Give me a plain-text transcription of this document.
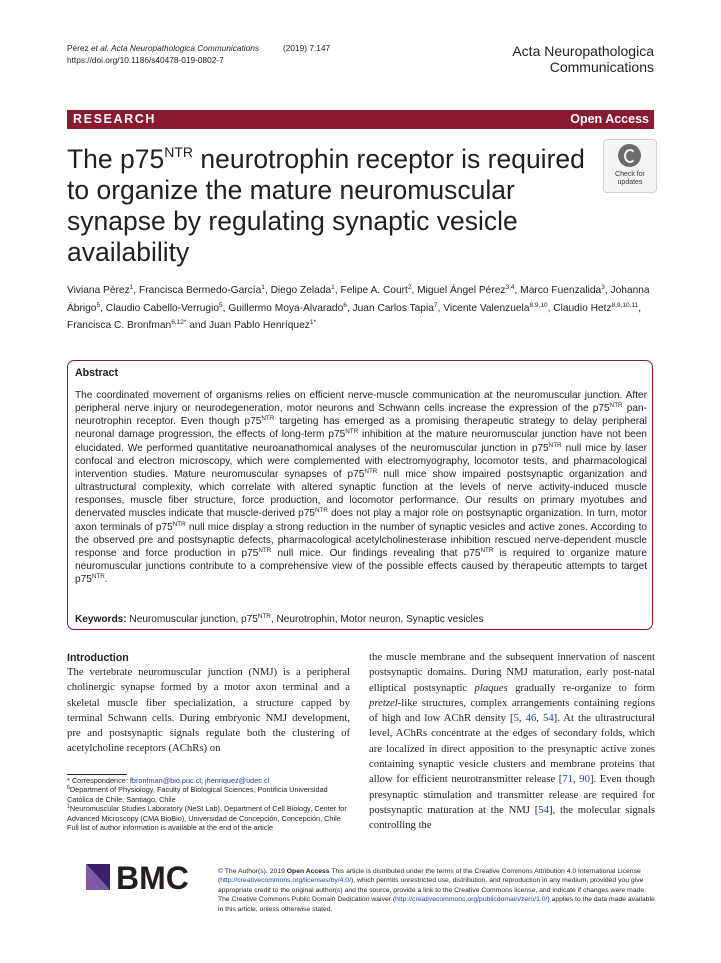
Pérez et al. Acta Neuropathologica Communications	(2019) 7:147
https://doi.org/10.1186/s40478-019-0802-7
Acta Neuropathologica
Communications
RESEARCH	Open Access
The $p75^{NTR}$ neurotrophin receptor is required to organize the mature neuromuscular synapse by regulating synaptic vesicle availability
Check for
updates
Viviana Pérez$^1$, Francisca Bermedo-García$^1$, Diego Zelada$^1$, Felipe A. Court$^2$, Miguel Ángel Pérez$^{3,4}$, Marco Fuenzalida$^3$, Johanna Ábrigo$^5$, Claudio Cabello-Verrugio$^5$, Guillermo Moya-Alvarado$^6$, Juan Carlos Tapia$^7$, Vicente Valenzuela$^{8,9,10}$, Claudio Hetz$^{8,9,10,11}$, Francisca C. Bronfman$^{6,12*}$ and Juan Pablo Henríquez$^{1*}$
Abstract
The coordinated movement of organisms relies on efficient nerve-muscle communication at the neuromuscular junction. After peripheral nerve injury or neurodegeneration, motor neurons and Schwann cells increase the expression of the $p75^{NTR}$ pan-neurotrophin receptor. Even though $p75^{NTR}$ targeting has emerged as a promising therapeutic strategy to delay peripheral neuronal damage progression, the effects of long-term $p75^{NTR}$ inhibition at the mature neuromuscular junction have not been elucidated. We performed quantitative neuroanathomical analyses of the neuromuscular junction in $p75^{NTR}$ null mice by laser confocal and electron microscopy, which were complemented with electromyography, locomotor tests, and pharmacological intervention studies. Mature neuromuscular synapses of $p75^{NTR}$ null mice show impaired postsynaptic organization and ultrastructural complexity, which correlate with altered synaptic function at the levels of nerve activity-induced muscle responses, muscle fiber structure, force production, and locomotor performance. Our results on primary myotubes and denervated muscles indicate that muscle-derived $p75^{NTR}$ does not play a major role on postsynaptic organization. In turn, motor axon terminals of $p75^{NTR}$ null mice display a strong reduction in the number of synaptic vesicles and active zones. According to the observed pre and postsynaptic defects, pharmacological acetylcholinesterase inhibition rescued nerve-dependent muscle response and force production in $p75^{NTR}$ null mice. Our findings revealing that $p75^{NTR}$ is required to organize mature neuromuscular junctions contribute to a comprehensive view of the possible effects caused by therapeutic attempts to target $p75^{NTR}$.
Keywords: Neuromuscular junction, $p75^{NTR}$, Neurotrophin, Motor neuron, Synaptic vesicles
Introduction
The vertebrate neuromuscular junction (NMJ) is a peripheral cholinergic synapse formed by a motor axon terminal and a skeletal muscle fiber specialization, a structure capped by terminal Schwann cells. During embryonic NMJ development, pre and postsynaptic signals regulate both the clustering of acetylcholine receptors (AChRs) on
the muscle membrane and the subsequent innervation of nascent postsynaptic domains. During NMJ maturation, early post-natal elliptical postsynaptic plaques gradually re-organize to form pretzel-like structures, complex arrangements containing regions of high and low AChR density [5, 46, 54]. At the ultrastructural level, AChRs concentrate at the edges of secondary folds, which are localized in direct apposition to the presynaptic active zones containing synaptic vesicle clusters and membrane proteins that allow for efficient neurotransmitter release [71, 90]. Even though presynaptic stimulation and transmitter release are required for postsynaptic maturation at the NMJ [54], the molecular signals controlling the
* Correspondence: fbronfman@bio.puc.cl; jhenriquez@udec.cl
$^6$Department of Physiology, Faculty of Biological Sciences, Pontificia Universidad Católica de Chile, Santiago, Chile
$^1$Neuromuscular Studies Laboratory (NeSt Lab), Department of Cell Biology, Center for Advanced Microscopy (CMA BioBio), Universidad de Concepción, Concepción, Chile
Full list of author information is available at the end of the article
BMC	© The Author(s). 2019 Open Access This article is distributed under the terms of the Creative Commons Attribution 4.0 International License (http://creativecommons.org/licenses/by/4.0/), which permits unrestricted use, distribution, and reproduction in any medium, provided you give appropriate credit to the original author(s) and the source, provide a link to the Creative Commons license, and indicate if changes were made. The Creative Commons Public Domain Dedication waiver (http://creativecommons.org/publicdomain/zero/1.0/) applies to the data made available in this article, unless otherwise stated.
